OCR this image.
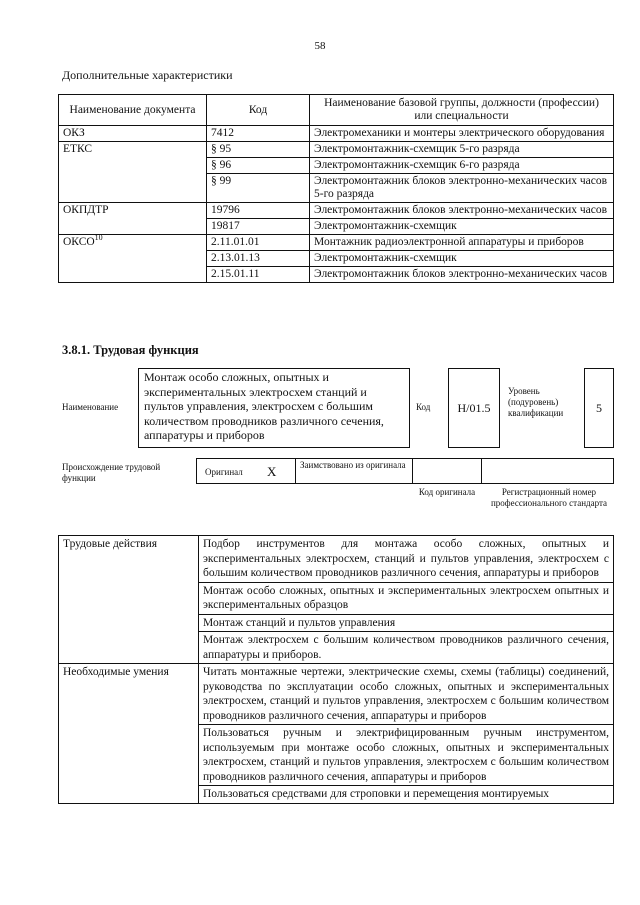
58
Дополнительные характеристики
Наименование документа	Код	Наименование базовой группы, должности (профессии) или специальности
ОКЗ	7412	Электромеханики и монтеры электрического оборудования
ЕТКС	§ 95	Электромонтажник-схемщик 5-го разряда
	§ 96	Электромонтажник-схемщик 6-го разряда
	§ 99	Электромонтажник блоков электронно-механических часов 5-го разряда
ОКПДТР	19796	Электромонтажник блоков электронно-механических часов
	19817	Электромонтажник-схемщик
ОКСО$^{10}$	2.11.01.01	Монтажник радиоэлектронной аппаратуры и приборов
	2.13.01.13	Электромонтажник-схемщик
	2.15.01.11	Электромонтажник блоков электронно-механических часов
3.8.1. Трудовая функция
Наименование
Монтаж особо сложных, опытных и экспериментальных электросхем станций и пультов управления, электросхем с большим количеством проводников различного сечения, аппаратуры и приборов
Код	H/01.5
Уровень (подуровень) квалификации	5
Происхождение трудовой функции
Оригинал X	Заимствовано из оригинала
Код оригинала	Регистрационный номер профессионального стандарта
Трудовые действия	Подбор инструментов для монтажа особо сложных, опытных и экспериментальных электросхем, станций и пультов управления, электросхем с большим количеством проводников различного сечения, аппаратуры и приборов
	Монтаж особо сложных, опытных и экспериментальных электросхем опытных и экспериментальных образцов
	Монтаж станций и пультов управления
	Монтаж электросхем с большим количеством проводников различного сечения, аппаратуры и приборов.
Необходимые умения	Читать монтажные чертежи, электрические схемы, схемы (таблицы) соединений, руководства по эксплуатации особо сложных, опытных и экспериментальных электросхем, станций и пультов управления, электросхем с большим количеством проводников различного сечения, аппаратуры и приборов
	Пользоваться ручным и электрифицированным ручным инструментом, используемым при монтаже особо сложных, опытных и экспериментальных электросхем, станций и пультов управления, электросхем с большим количеством проводников различного сечения, аппаратуры и приборов
	Пользоваться средствами для строповки и перемещения монтируемых
